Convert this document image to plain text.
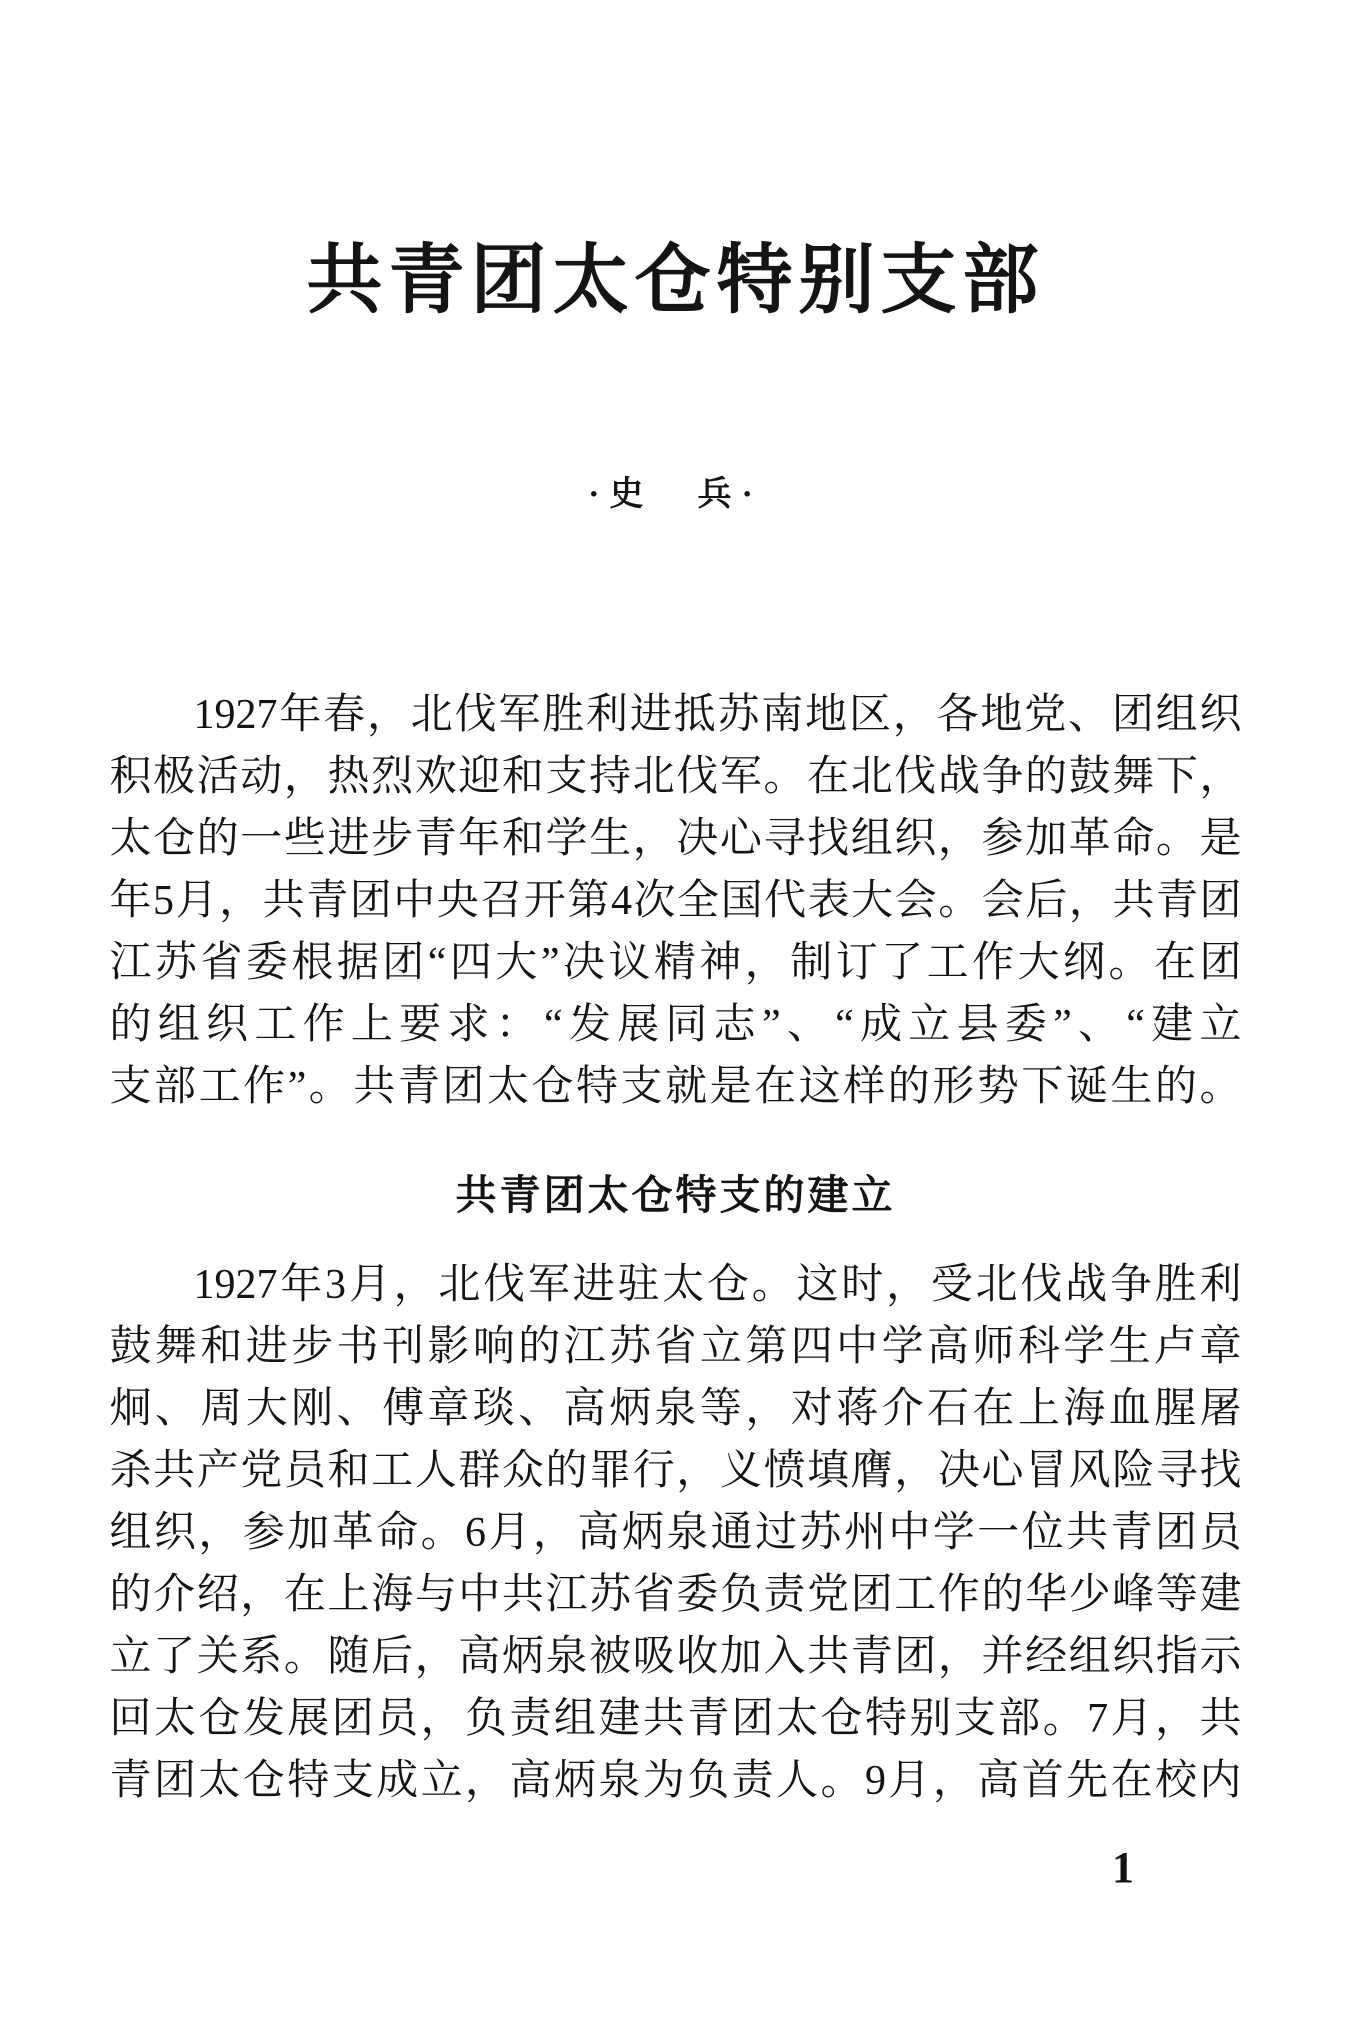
共青团太仓特别支部
·史　兵·
1927年春，北伐军胜利进抵苏南地区，各地党、团组织
积极活动，热烈欢迎和支持北伐军。在北伐战争的鼓舞下，
太仓的一些进步青年和学生，决心寻找组织，参加革命。是
年5月，共青团中央召开第4次全国代表大会。会后，共青团
江苏省委根据团“四大”决议精神，制订了工作大纲。在团
的组织工作上要求：“发展同志”、“成立县委”、“建立
支部工作”。共青团太仓特支就是在这样的形势下诞生的。
共青团太仓特支的建立
1927年3月，北伐军进驻太仓。这时，受北伐战争胜利
鼓舞和进步书刊影响的江苏省立第四中学高师科学生卢章
炯、周大刚、傅章琰、高炳泉等，对蒋介石在上海血腥屠
杀共产党员和工人群众的罪行，义愤填膺，决心冒风险寻找
组织，参加革命。6月，高炳泉通过苏州中学一位共青团员
的介绍，在上海与中共江苏省委负责党团工作的华少峰等建
立了关系。随后，高炳泉被吸收加入共青团，并经组织指示
回太仓发展团员，负责组建共青团太仓特别支部。7月，共
青团太仓特支成立，高炳泉为负责人。9月，高首先在校内
1
